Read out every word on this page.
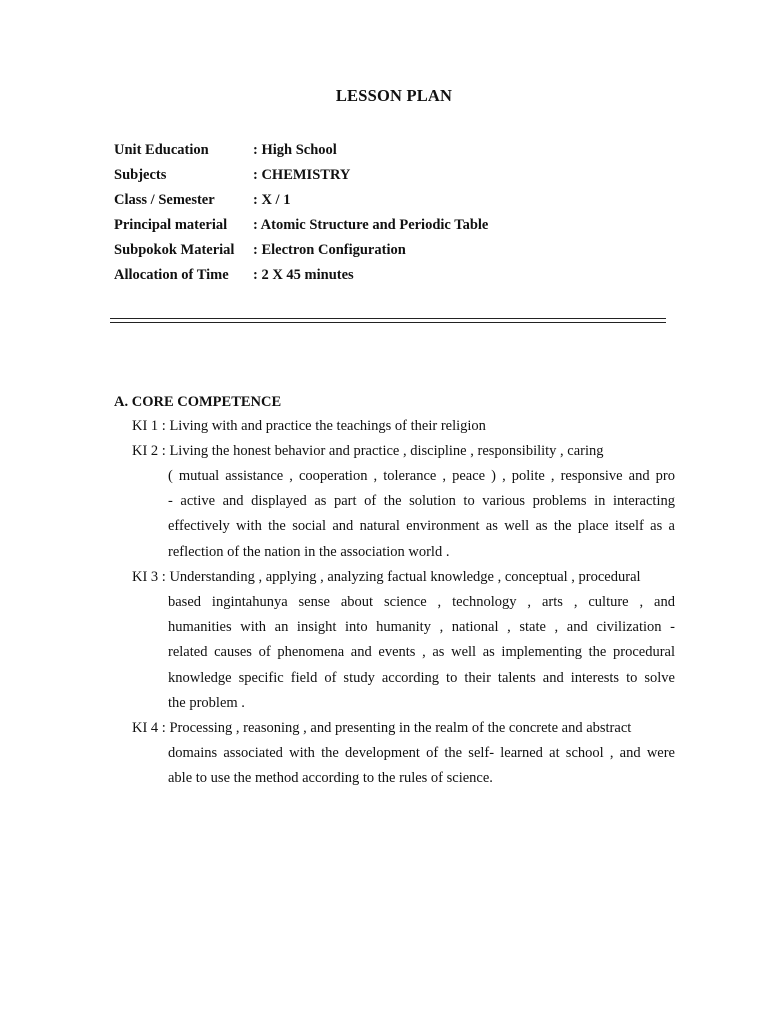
LESSON PLAN
Unit Education	: High School
Subjects	: CHEMISTRY
Class / Semester	: X / 1
Principal material	: Atomic Structure and Periodic Table
Subpokok Material	: Electron Configuration
Allocation of Time	: 2 X 45 minutes
A. CORE COMPETENCE
KI 1 : Living with and practice the teachings of their religion
KI 2 : Living the honest behavior and practice , discipline , responsibility , caring
( mutual assistance , cooperation , tolerance , peace ) , polite , responsive and pro
- active and displayed as part of the solution to various problems in interacting
effectively with the social and natural environment as well as the place itself as a
reflection of the nation in the association world .
KI 3 : Understanding , applying , analyzing factual knowledge , conceptual , procedural
based ingintahunya sense about science , technology , arts , culture , and
humanities with an insight into humanity , national , state , and civilization -
related causes of phenomena and events , as well as implementing the procedural
knowledge specific field of study according to their talents and interests to solve
the problem .
KI 4 : Processing , reasoning , and presenting in the realm of the concrete and abstract
domains associated with the development of the self- learned at school , and were
able to use the method according to the rules of science.
